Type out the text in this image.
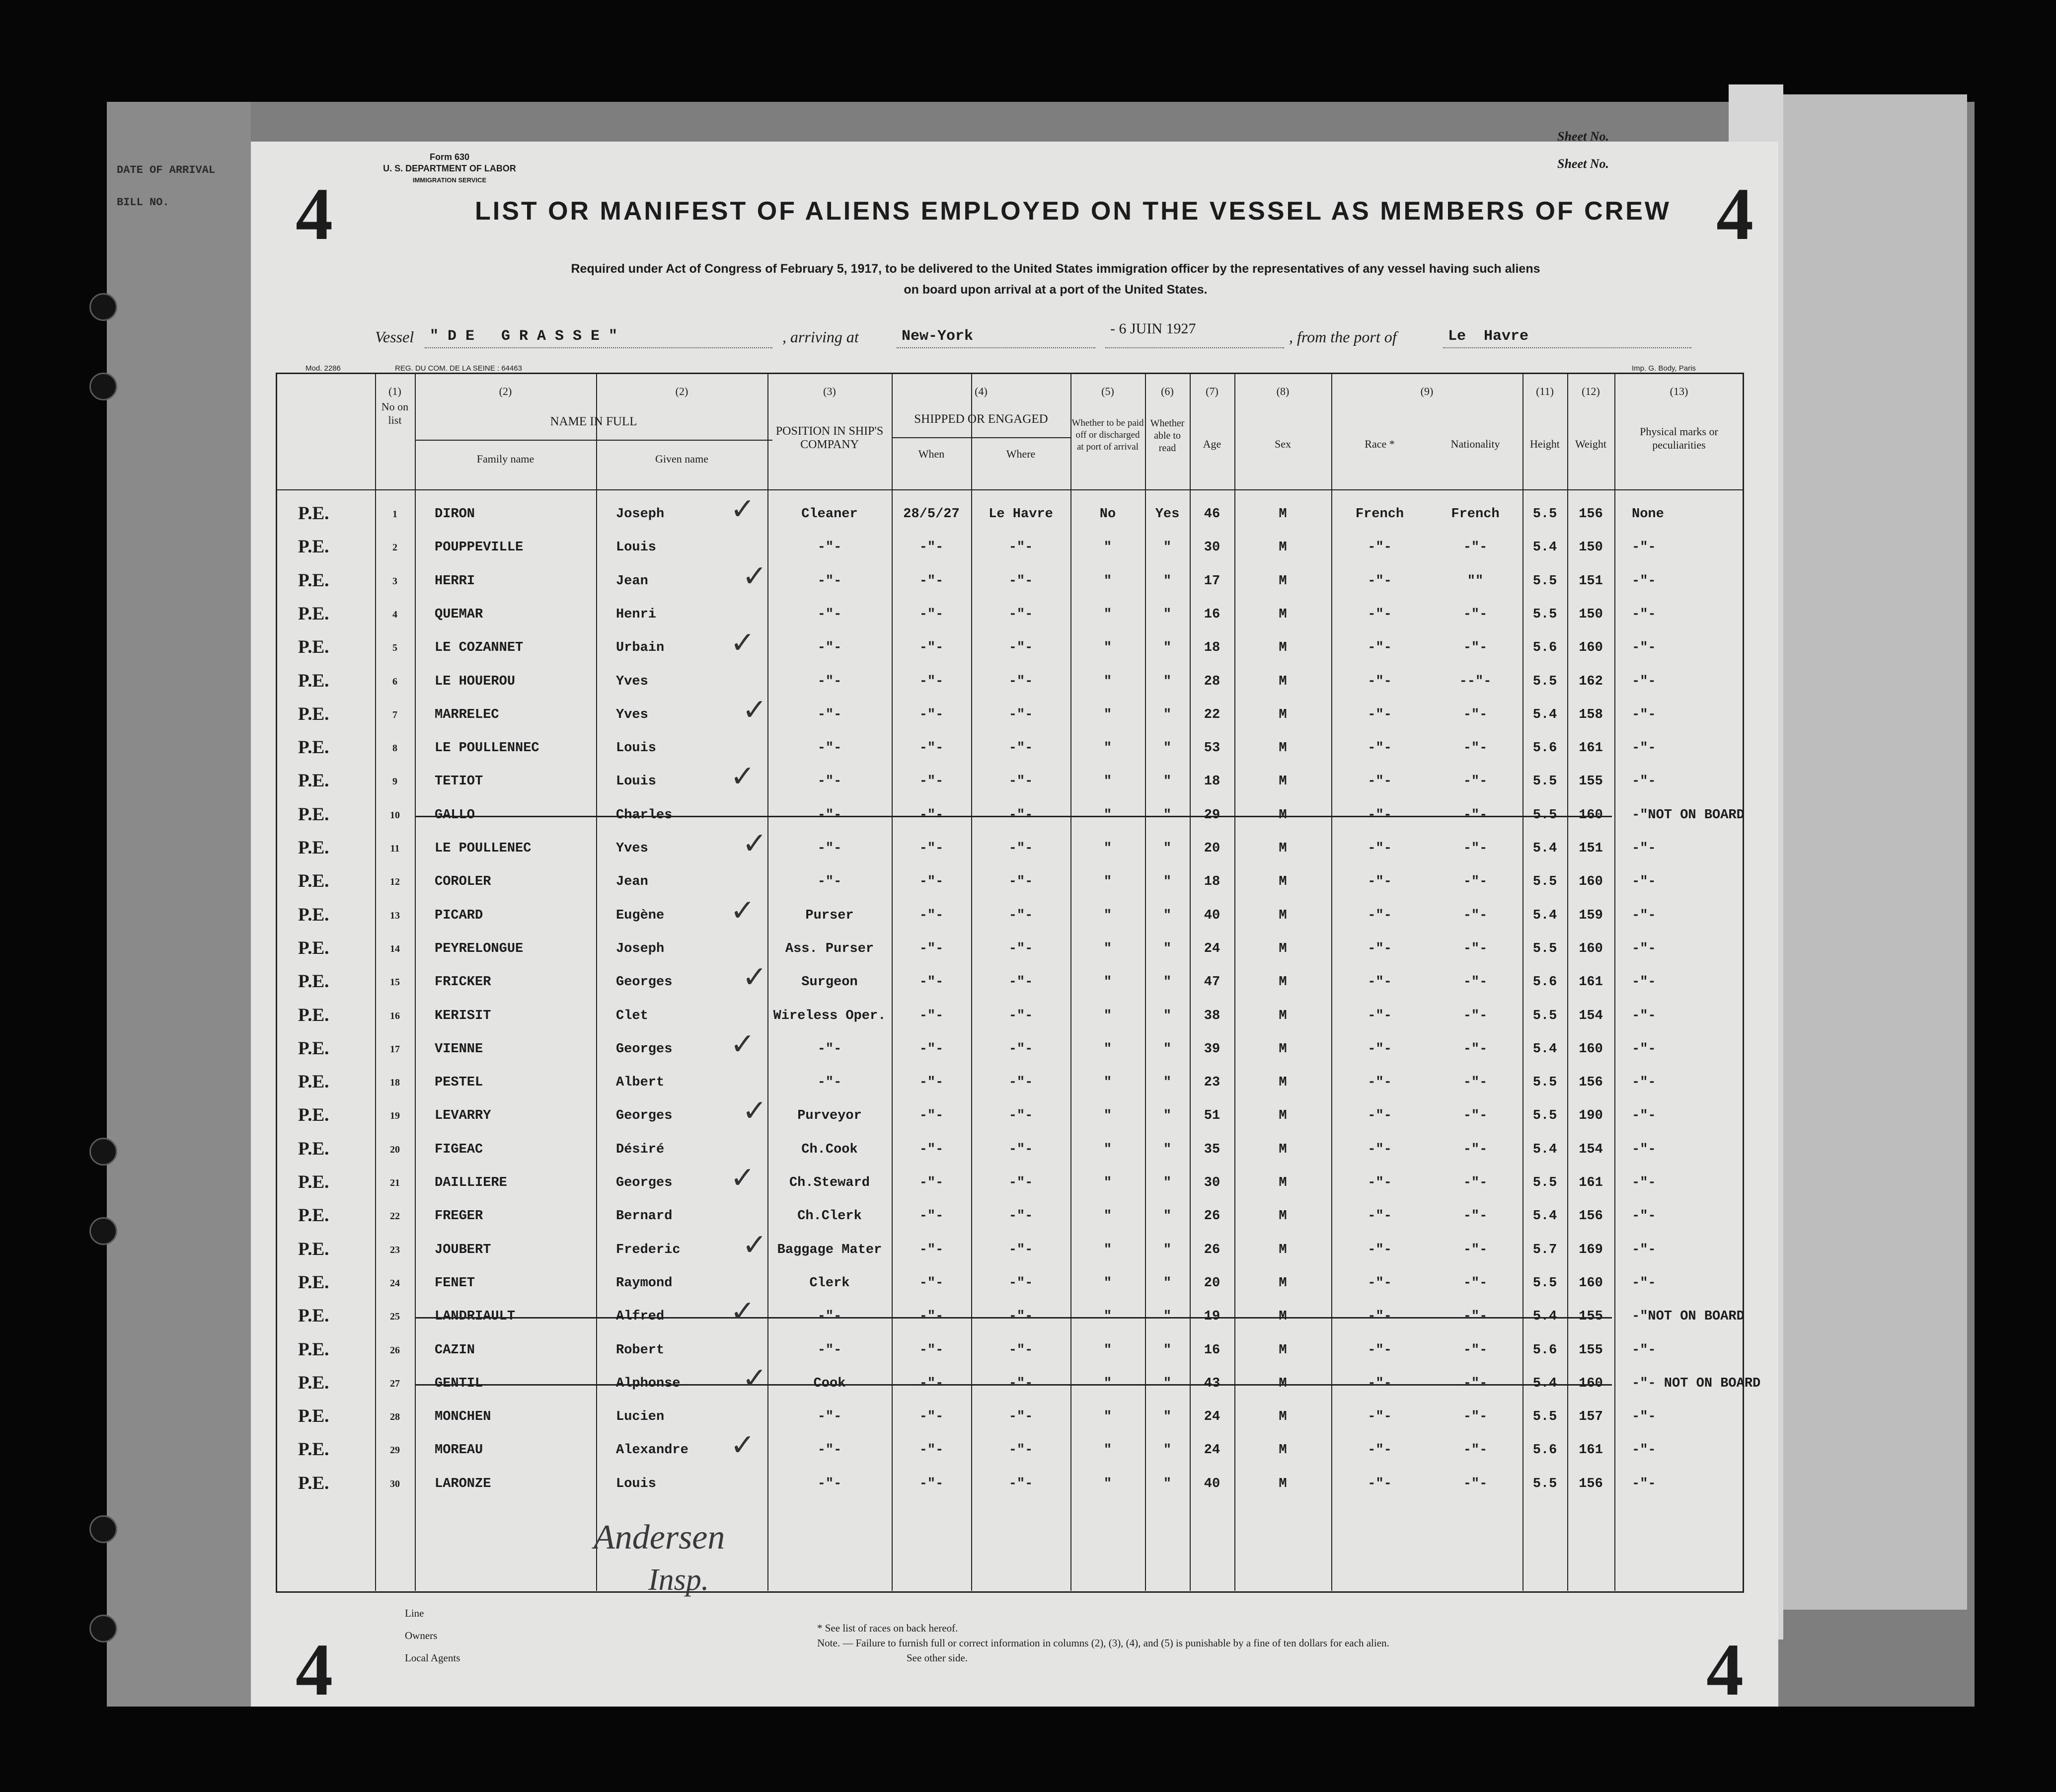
DATE OF ARRIVAL
BILL NO.
Form 630
U. S. DEPARTMENT OF LABOR
IMMIGRATION SERVICE
4	4
Sheet No.
Sheet No.
LIST OR MANIFEST OF ALIENS EMPLOYED ON THE VESSEL AS MEMBERS OF CREW
Required under Act of Congress of February 5, 1917, to be delivered to the United States immigration officer by the representatives of any vessel having such aliens
on board upon arrival at a port of the United States.
Vessel " D E   G R A S S E "	, arriving at	New-York	- 6 JUIN 1927	, from the port of	Le  Havre
Mod. 2286	REG. DU COM. DE LA SEINE : 64463	Imp. G. Body, Paris
(1)
No on list
(2)	(2)
NAME IN FULL
Family name	Given name
(3)
POSITION IN SHIP'S COMPANY
(4)
SHIPPED OR ENGAGED
When	Where
(5)
Whether to be paid off or discharged at port of arrival
(6)
Whether able to read
(7)
Age
(8)
Sex
(9)
Race *	Nationality
(11)
Height
(12)
Weight
(13)
Physical marks or peculiarities
P.E.	1	DIRON	Joseph	Cleaner	28/5/27	Le Havre	No	Yes	46	M	French	French	5.5	156	None
✓
P.E.	2	POUPPEVILLE	Louis	-"-	-"-	-"-	"	"	30	M	-"-	-"-	5.4	150	-"-
P.E.	3	HERRI	Jean	-"-	-"-	-"-	"	"	17	M	-"-	""	5.5	151	-"-
✓
P.E.	4	QUEMAR	Henri	-"-	-"-	-"-	"	"	16	M	-"-	-"-	5.5	150	-"-
P.E.	5	LE COZANNET	Urbain	-"-	-"-	-"-	"	"	18	M	-"-	-"-	5.6	160	-"-
✓
P.E.	6	LE HOUEROU	Yves	-"-	-"-	-"-	"	"	28	M	-"-	--"-	5.5	162	-"-
P.E.	7	MARRELEC	Yves	-"-	-"-	-"-	"	"	22	M	-"-	-"-	5.4	158	-"-
✓
P.E.	8	LE POULLENNEC	Louis	-"-	-"-	-"-	"	"	53	M	-"-	-"-	5.6	161	-"-
P.E.	9	TETIOT	Louis	-"-	-"-	-"-	"	"	18	M	-"-	-"-	5.5	155	-"-
✓
P.E.	10	GALLO	Charles	-"-	-"-	-"-	"	"	29	M	-"-	-"-	5.5	160	-"NOT ON BOARD
P.E.	11	LE POULLENEC	Yves	-"-	-"-	-"-	"	"	20	M	-"-	-"-	5.4	151	-"-
✓
P.E.	12	COROLER	Jean	-"-	-"-	-"-	"	"	18	M	-"-	-"-	5.5	160	-"-
P.E.	13	PICARD	Eugène	Purser	-"-	-"-	"	"	40	M	-"-	-"-	5.4	159	-"-
✓
P.E.	14	PEYRELONGUE	Joseph	Ass. Purser	-"-	-"-	"	"	24	M	-"-	-"-	5.5	160	-"-
P.E.	15	FRICKER	Georges	Surgeon	-"-	-"-	"	"	47	M	-"-	-"-	5.6	161	-"-
✓
P.E.	16	KERISIT	Clet	Wireless Oper.	-"-	-"-	"	"	38	M	-"-	-"-	5.5	154	-"-
P.E.	17	VIENNE	Georges	-"-	-"-	-"-	"	"	39	M	-"-	-"-	5.4	160	-"-
✓
P.E.	18	PESTEL	Albert	-"-	-"-	-"-	"	"	23	M	-"-	-"-	5.5	156	-"-
P.E.	19	LEVARRY	Georges	Purveyor	-"-	-"-	"	"	51	M	-"-	-"-	5.5	190	-"-
✓
P.E.	20	FIGEAC	Désiré	Ch.Cook	-"-	-"-	"	"	35	M	-"-	-"-	5.4	154	-"-
P.E.	21	DAILLIERE	Georges	Ch.Steward	-"-	-"-	"	"	30	M	-"-	-"-	5.5	161	-"-
✓
P.E.	22	FREGER	Bernard	Ch.Clerk	-"-	-"-	"	"	26	M	-"-	-"-	5.4	156	-"-
P.E.	23	JOUBERT	Frederic	Baggage Mater	-"-	-"-	"	"	26	M	-"-	-"-	5.7	169	-"-
✓
P.E.	24	FENET	Raymond	Clerk	-"-	-"-	"	"	20	M	-"-	-"-	5.5	160	-"-
P.E.	25	LANDRIAULT	Alfred	-"-	-"-	-"-	"	"	19	M	-"-	-"-	5.4	155	-"NOT ON BOARD
✓
P.E.	26	CAZIN	Robert	-"-	-"-	-"-	"	"	16	M	-"-	-"-	5.6	155	-"-
P.E.	27	GENTIL	Alphonse	Cook	-"-	-"-	"	"	43	M	-"-	-"-	5.4	160	-"- NOT ON BOARD
✓
P.E.	28	MONCHEN	Lucien	-"-	-"-	-"-	"	"	24	M	-"-	-"-	5.5	157	-"-
P.E.	29	MOREAU	Alexandre	-"-	-"-	-"-	"	"	24	M	-"-	-"-	5.6	161	-"-
✓
P.E.	30	LARONZE	Louis	-"-	-"-	-"-	"	"	40	M	-"-	-"-	5.5	156	-"-
Andersen
Insp.
Line
Owners
Local Agents
* See list of races on back hereof.
Note. — Failure to furnish full or correct information in columns (2), (3), (4), and (5) is punishable by a fine of ten dollars for each alien.
See other side.
4	4
